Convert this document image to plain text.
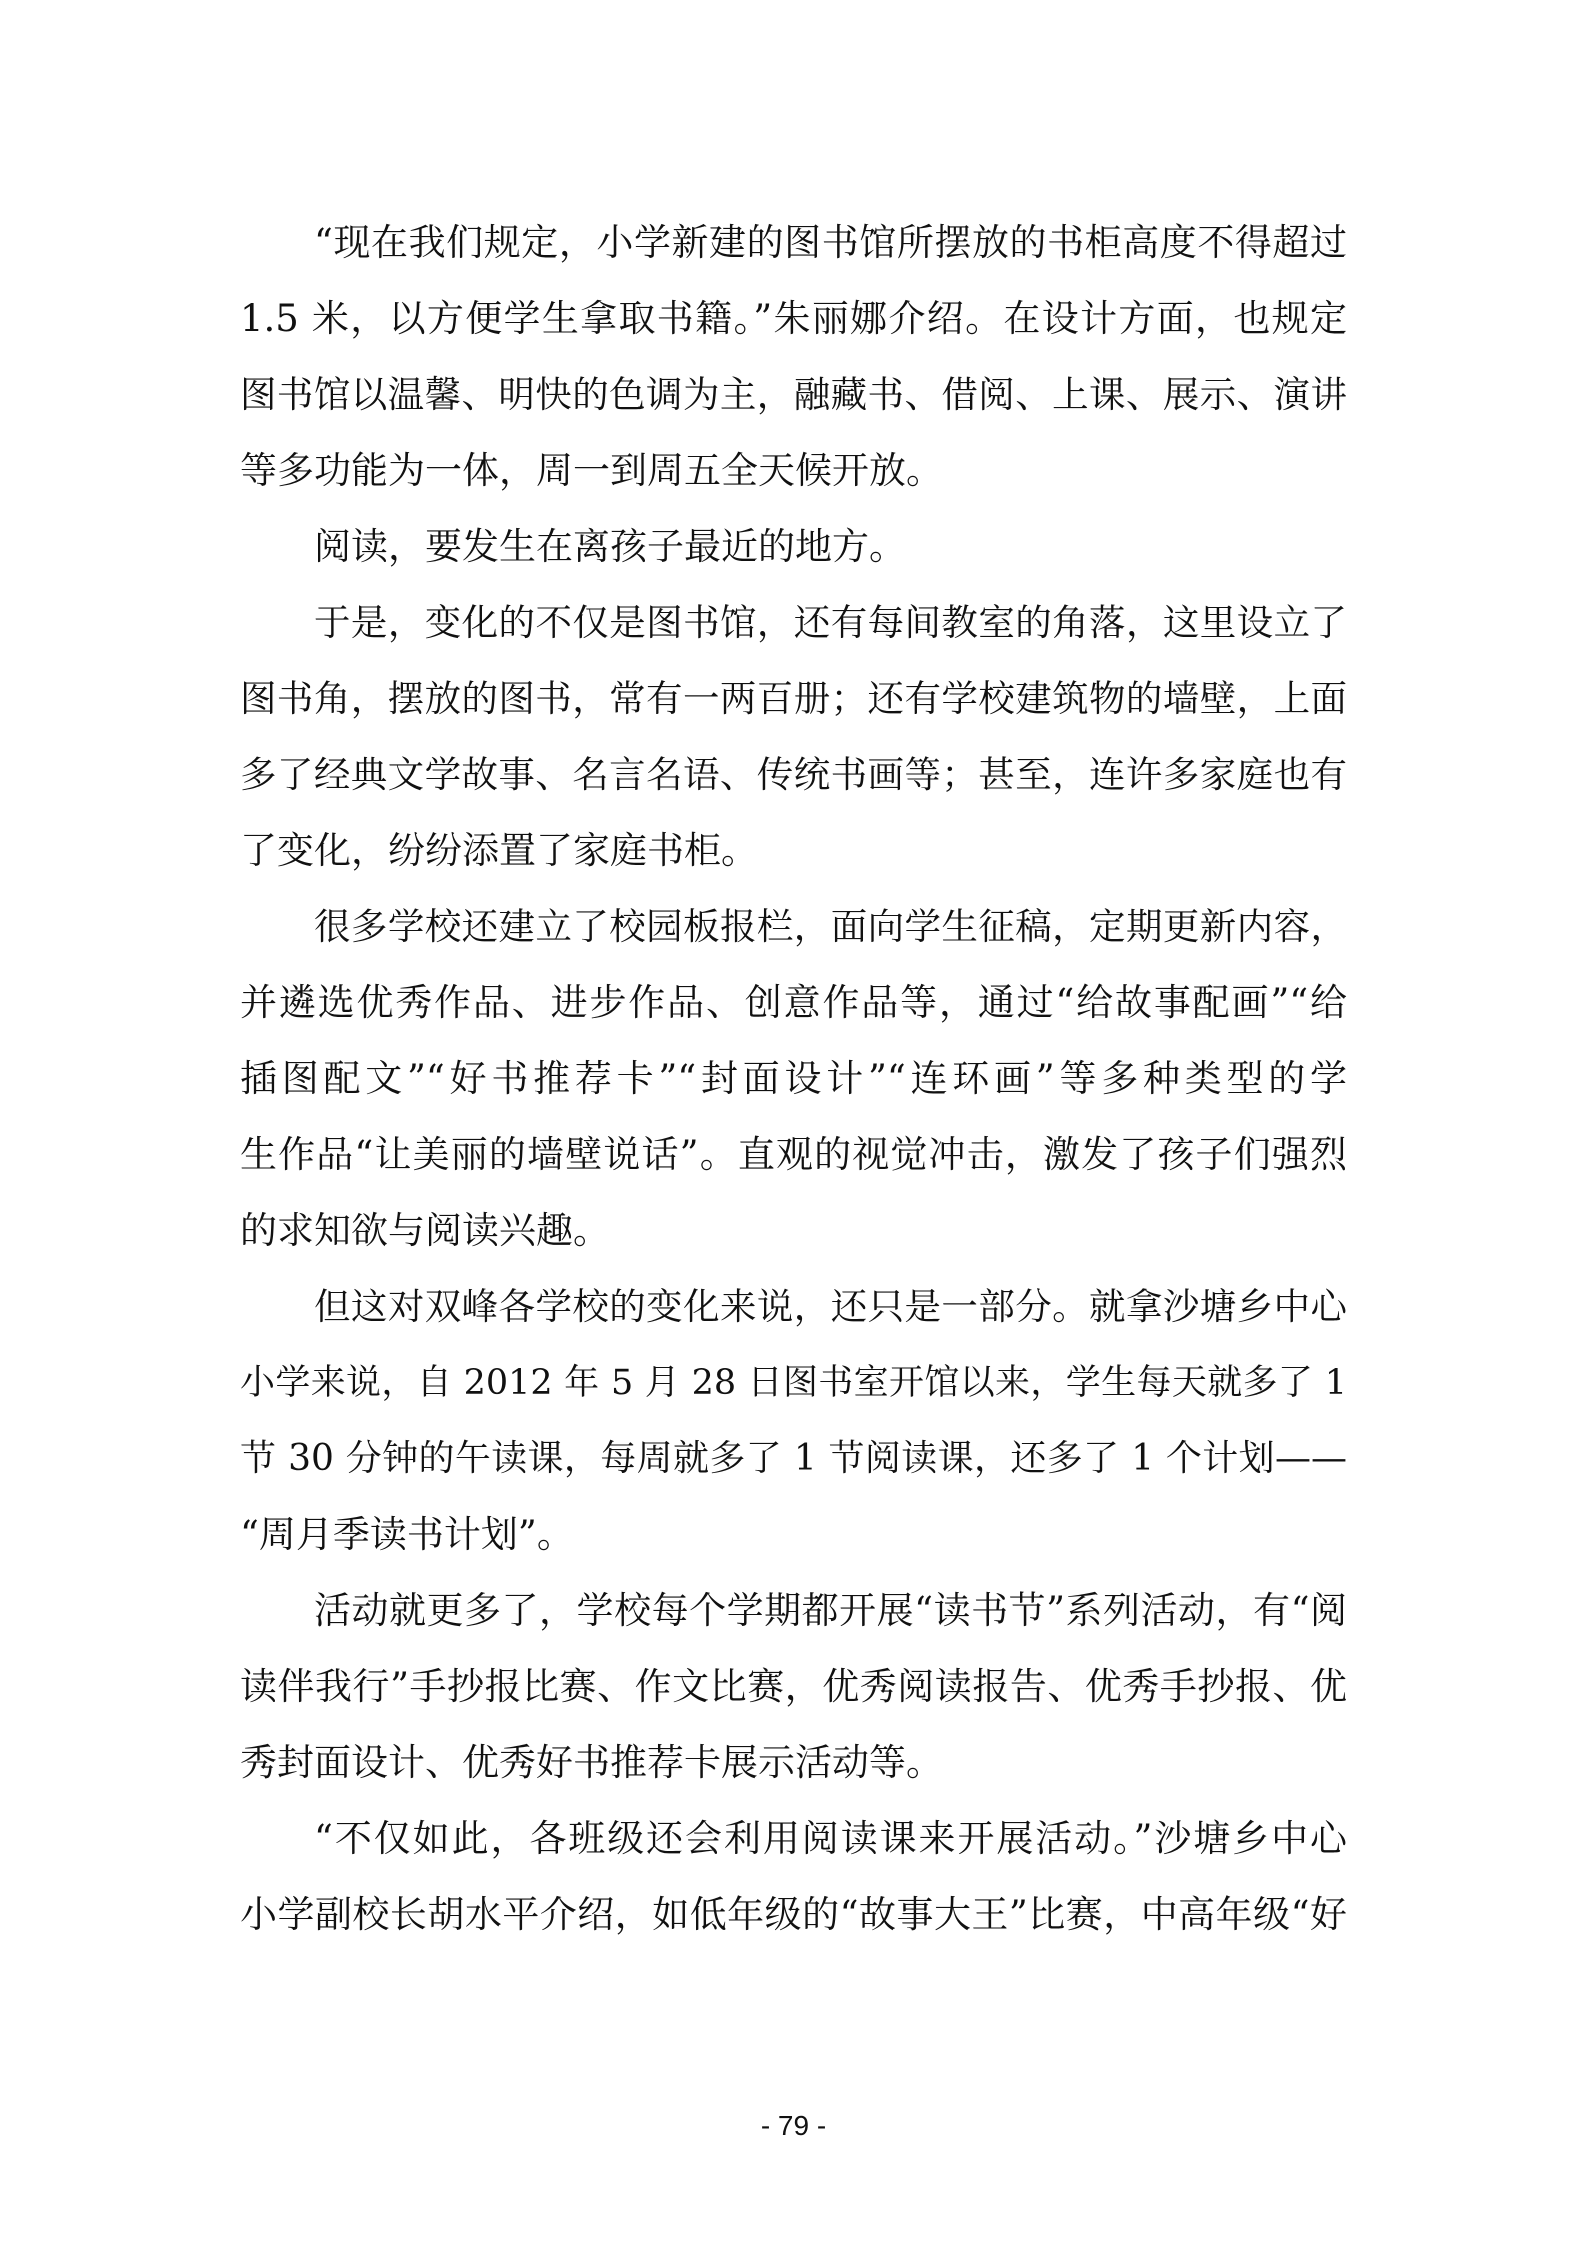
“现在我们规定，小学新建的图书馆所摆放的书柜高度不得超过
1.5 米，以方便学生拿取书籍。”朱丽娜介绍。在设计方面，也规定
图书馆以温馨、明快的色调为主，融藏书、借阅、上课、展示、演讲
等多功能为一体，周一到周五全天候开放。
阅读，要发生在离孩子最近的地方。
于是，变化的不仅是图书馆，还有每间教室的角落，这里设立了
图书角，摆放的图书，常有一两百册；还有学校建筑物的墙壁，上面
多了经典文学故事、名言名语、传统书画等；甚至，连许多家庭也有
了变化，纷纷添置了家庭书柜。
很多学校还建立了校园板报栏，面向学生征稿，定期更新内容，
并遴选优秀作品、进步作品、创意作品等，通过“给故事配画”“给
插图配文”“好书推荐卡”“封面设计”“连环画”等多种类型的学
生作品“让美丽的墙壁说话”。直观的视觉冲击，激发了孩子们强烈
的求知欲与阅读兴趣。
但这对双峰各学校的变化来说，还只是一部分。就拿沙塘乡中心
小学来说，自 2012 年 5 月 28 日图书室开馆以来，学生每天就多了 1
节 30 分钟的午读课，每周就多了 1 节阅读课，还多了 1 个计划——
“周月季读书计划”。
活动就更多了，学校每个学期都开展“读书节”系列活动，有“阅
读伴我行”手抄报比赛、作文比赛，优秀阅读报告、优秀手抄报、优
秀封面设计、优秀好书推荐卡展示活动等。
“不仅如此，各班级还会利用阅读课来开展活动。”沙塘乡中心
小学副校长胡水平介绍，如低年级的“故事大王”比赛，中高年级“好
- 79 -
